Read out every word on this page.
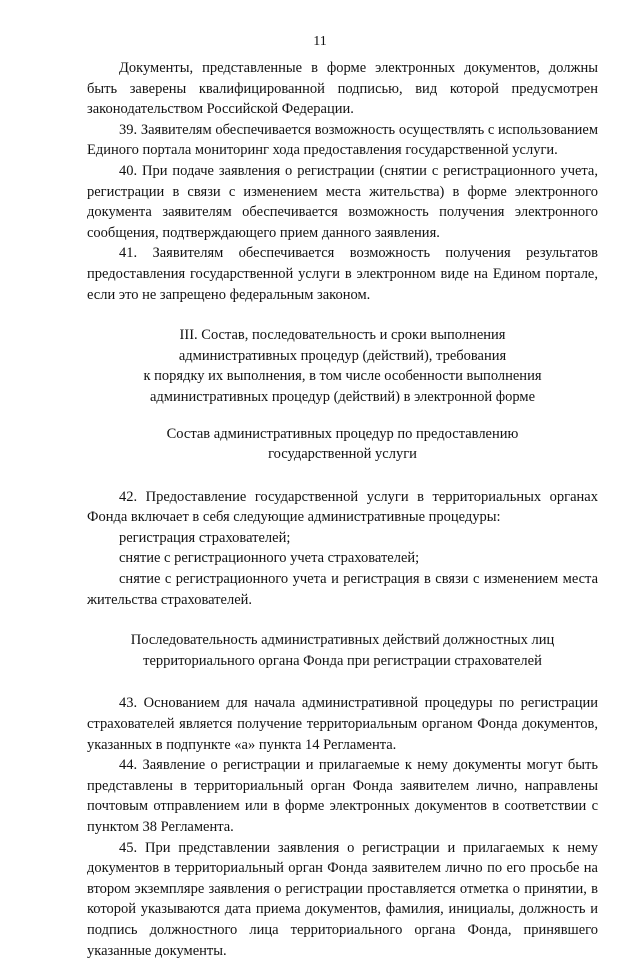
11

Документы, представленные в форме электронных документов, должны быть заверены квалифицированной подписью, вид которой предусмотрен законодательством Российской Федерации.

39. Заявителям обеспечивается возможность осуществлять с использованием Единого портала мониторинг хода предоставления государственной услуги.

40. При подаче заявления о регистрации (снятии с регистрационного учета, регистрации в связи с изменением места жительства) в форме электронного документа заявителям обеспечивается возможность получения электронного сообщения, подтверждающего прием данного заявления.

41. Заявителям обеспечивается возможность получения результатов предоставления государственной услуги в электронном виде на Едином портале, если это не запрещено федеральным законом.

III. Состав, последовательность и сроки выполнения
административных процедур (действий), требования
к порядку их выполнения, в том числе особенности выполнения
административных процедур (действий) в электронной форме
Состав административных процедур по предоставлению
государственной услуги

42. Предоставление государственной услуги в территориальных органах Фонда включает в себя следующие административные процедуры:

регистрация страхователей;

снятие с регистрационного учета страхователей;

снятие с регистрационного учета и регистрация в связи с изменением места жительства страхователей.

Последовательность административных действий должностных лиц
территориального органа Фонда при регистрации страхователей

43. Основанием для начала административной процедуры по регистрации страхователей является получение территориальным органом Фонда документов, указанных в подпункте «а» пункта 14 Регламента.

44. Заявление о регистрации и прилагаемые к нему документы могут быть представлены в территориальный орган Фонда заявителем лично, направлены почтовым отправлением или в форме электронных документов в соответствии с пунктом 38 Регламента.

45. При представлении заявления о регистрации и прилагаемых к нему документов в территориальный орган Фонда заявителем лично по его просьбе на втором экземпляре заявления о регистрации проставляется отметка о принятии, в которой указываются дата приема документов, фамилия, инициалы, должность и подпись должностного лица территориального органа Фонда, принявшего указанные документы.
